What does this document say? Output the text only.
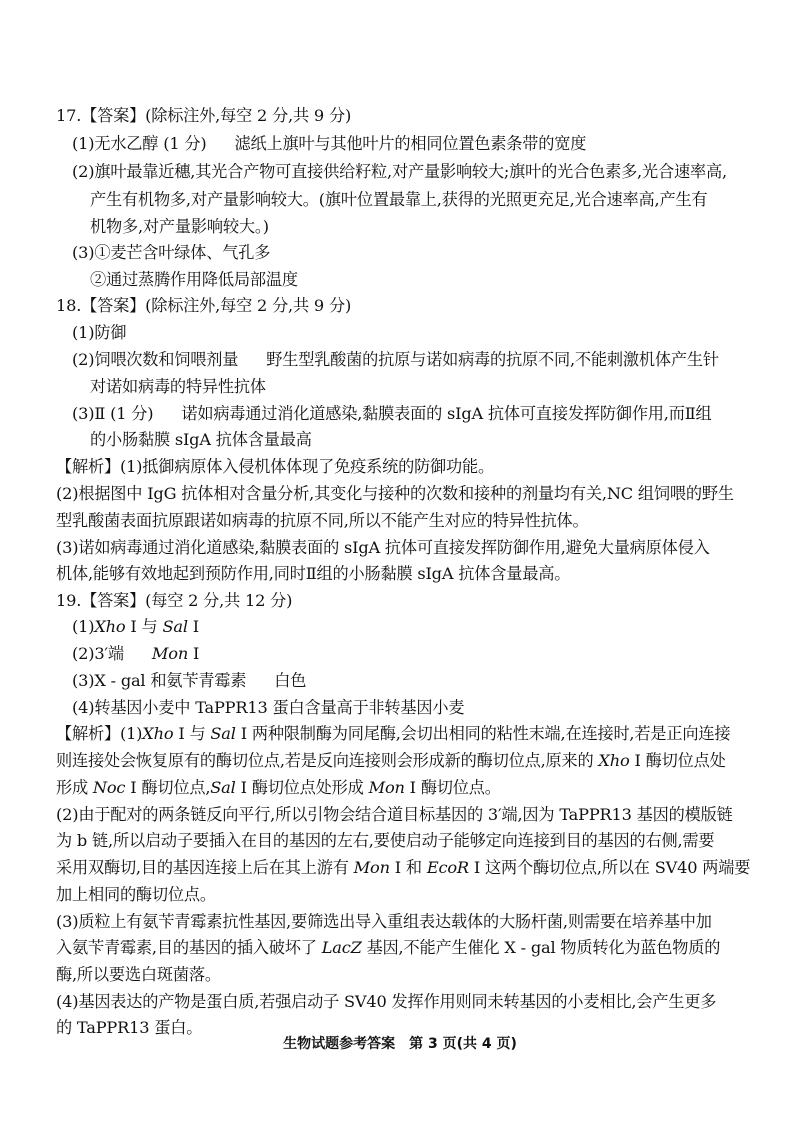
17.【答案】(除标注外,每空 2 分,共 9 分)
(1)无水乙醇 (1 分) 滤纸上旗叶与其他叶片的相同位置色素条带的宽度
(2)旗叶最靠近穗,其光合产物可直接供给籽粒,对产量影响较大;旗叶的光合色素多,光合速率高,
产生有机物多,对产量影响较大。(旗叶位置最靠上,获得的光照更充足,光合速率高,产生有
机物多,对产量影响较大。)
(3)①麦芒含叶绿体、气孔多
②通过蒸腾作用降低局部温度
18.【答案】(除标注外,每空 2 分,共 9 分)
(1)防御
(2)饲喂次数和饲喂剂量 野生型乳酸菌的抗原与诺如病毒的抗原不同,不能刺激机体产生针
对诺如病毒的特异性抗体
(3)Ⅱ (1 分) 诺如病毒通过消化道感染,黏膜表面的 sIgA 抗体可直接发挥防御作用,而Ⅱ组
的小肠黏膜 sIgA 抗体含量最高
【解析】(1)抵御病原体入侵机体体现了免疫系统的防御功能。
(2)根据图中 IgG 抗体相对含量分析,其变化与接种的次数和接种的剂量均有关,NC 组饲喂的野生
型乳酸菌表面抗原跟诺如病毒的抗原不同,所以不能产生对应的特异性抗体。
(3)诺如病毒通过消化道感染,黏膜表面的 sIgA 抗体可直接发挥防御作用,避免大量病原体侵入
机体,能够有效地起到预防作用,同时Ⅱ组的小肠黏膜 sIgA 抗体含量最高。
19.【答案】(每空 2 分,共 12 分)
(1)Xho Ⅰ 与 Sal Ⅰ
(2)3′端 Mon Ⅰ
(3)X - gal 和氨苄青霉素 白色
(4)转基因小麦中 TaPPR13 蛋白含量高于非转基因小麦
【解析】(1)Xho Ⅰ 与 Sal Ⅰ 两种限制酶为同尾酶,会切出相同的粘性末端,在连接时,若是正向连接
则连接处会恢复原有的酶切位点,若是反向连接则会形成新的酶切位点,原来的 Xho Ⅰ 酶切位点处
形成 Noc Ⅰ 酶切位点,Sal Ⅰ 酶切位点处形成 Mon Ⅰ 酶切位点。
(2)由于配对的两条链反向平行,所以引物会结合道目标基因的 3′端,因为 TaPPR13 基因的模版链
为 b 链,所以启动子要插入在目的基因的左右,要使启动子能够定向连接到目的基因的右侧,需要
采用双酶切,目的基因连接上后在其上游有 Mon Ⅰ 和 EcoR Ⅰ 这两个酶切位点,所以在 SV40 两端要
加上相同的酶切位点。
(3)质粒上有氨苄青霉素抗性基因,要筛选出导入重组表达载体的大肠杆菌,则需要在培养基中加
入氨苄青霉素,目的基因的插入破坏了 LacZ 基因,不能产生催化 X - gal 物质转化为蓝色物质的
酶,所以要选白斑菌落。
(4)基因表达的产物是蛋白质,若强启动子 SV40 发挥作用则同未转基因的小麦相比,会产生更多
的 TaPPR13 蛋白。
生物试题参考答案　第 3 页(共 4 页)
